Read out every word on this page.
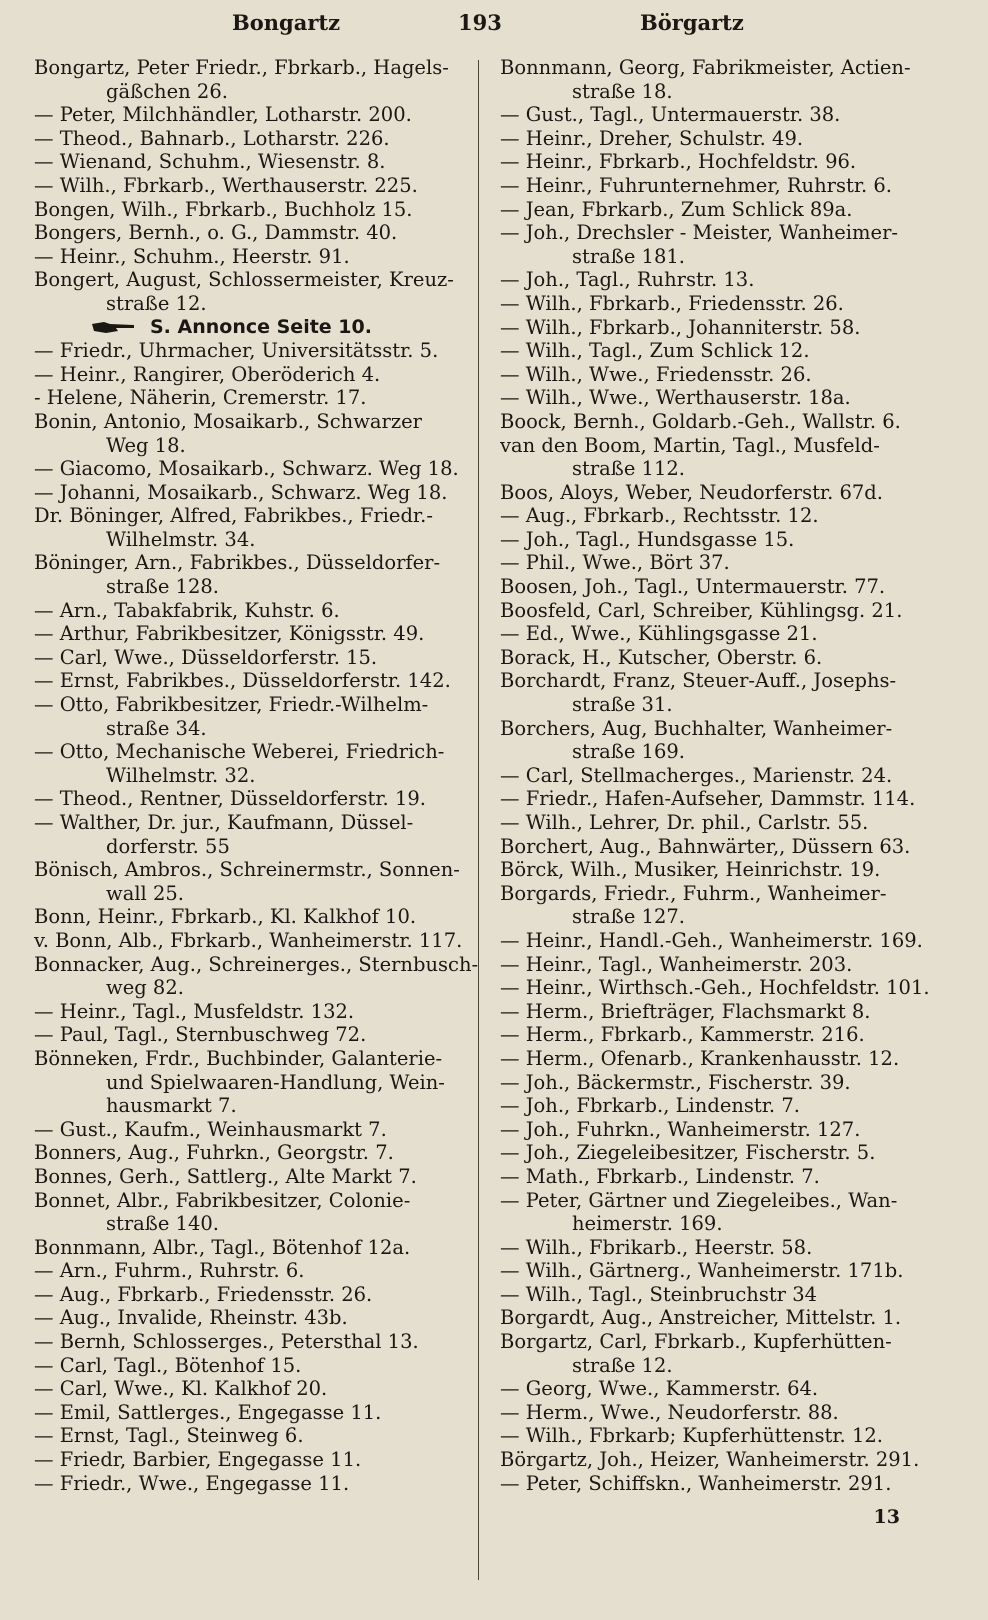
Bongartz	193	Börgartz
Bongartz, Peter Friedr., Fbrkarb., Hagels-
gäßchen 26.
— Peter, Milchhändler, Lotharstr. 200.
— Theod., Bahnarb., Lotharstr. 226.
— Wienand, Schuhm., Wiesenstr. 8.
— Wilh., Fbrkarb., Werthauserstr. 225.
Bongen, Wilh., Fbrkarb., Buchholz 15.
Bongers, Bernh., o. G., Dammstr. 40.
— Heinr., Schuhm., Heerstr. 91.
Bongert, August, Schlossermeister, Kreuz-
straße 12.
S. Annonce Seite 10.
— Friedr., Uhrmacher, Universitätsstr. 5.
— Heinr., Rangirer, Oberöderich 4.
- Helene, Näherin, Cremerstr. 17.
Bonin, Antonio, Mosaikarb., Schwarzer
Weg 18.
— Giacomo, Mosaikarb., Schwarz. Weg 18.
— Johanni, Mosaikarb., Schwarz. Weg 18.
Dr. Böninger, Alfred, Fabrikbes., Friedr.-
Wilhelmstr. 34.
Böninger, Arn., Fabrikbes., Düsseldorfer-
straße 128.
— Arn., Tabakfabrik, Kuhstr. 6.
— Arthur, Fabrikbesitzer, Königsstr. 49.
— Carl, Wwe., Düsseldorferstr. 15.
— Ernst, Fabrikbes., Düsseldorferstr. 142.
— Otto, Fabrikbesitzer, Friedr.-Wilhelm-
straße 34.
— Otto, Mechanische Weberei, Friedrich-
Wilhelmstr. 32.
— Theod., Rentner, Düsseldorferstr. 19.
— Walther, Dr. jur., Kaufmann, Düssel-
dorferstr. 55
Bönisch, Ambros., Schreinermstr., Sonnen-
wall 25.
Bonn, Heinr., Fbrkarb., Kl. Kalkhof 10.
v. Bonn, Alb., Fbrkarb., Wanheimerstr. 117.
Bonnacker, Aug., Schreinerges., Sternbusch-
weg 82.
— Heinr., Tagl., Musfeldstr. 132.
— Paul, Tagl., Sternbuschweg 72.
Bönneken, Frdr., Buchbinder, Galanterie-
und Spielwaaren-Handlung, Wein-
hausmarkt 7.
— Gust., Kaufm., Weinhausmarkt 7.
Bonners, Aug., Fuhrkn., Georgstr. 7.
Bonnes, Gerh., Sattlerg., Alte Markt 7.
Bonnet, Albr., Fabrikbesitzer, Colonie-
straße 140.
Bonnmann, Albr., Tagl., Bötenhof 12a.
— Arn., Fuhrm., Ruhrstr. 6.
— Aug., Fbrkarb., Friedensstr. 26.
— Aug., Invalide, Rheinstr. 43b.
— Bernh, Schlosserges., Petersthal 13.
— Carl, Tagl., Bötenhof 15.
— Carl, Wwe., Kl. Kalkhof 20.
— Emil, Sattlerges., Engegasse 11.
— Ernst, Tagl., Steinweg 6.
— Friedr, Barbier, Engegasse 11.
— Friedr., Wwe., Engegasse 11.
Bonnmann, Georg, Fabrikmeister, Actien-
straße 18.
— Gust., Tagl., Untermauerstr. 38.
— Heinr., Dreher, Schulstr. 49.
— Heinr., Fbrkarb., Hochfeldstr. 96.
— Heinr., Fuhrunternehmer, Ruhrstr. 6.
— Jean, Fbrkarb., Zum Schlick 89a.
— Joh., Drechsler - Meister, Wanheimer-
straße 181.
— Joh., Tagl., Ruhrstr. 13.
— Wilh., Fbrkarb., Friedensstr. 26.
— Wilh., Fbrkarb., Johanniterstr. 58.
— Wilh., Tagl., Zum Schlick 12.
— Wilh., Wwe., Friedensstr. 26.
— Wilh., Wwe., Werthauserstr. 18a.
Boock, Bernh., Goldarb.-Geh., Wallstr. 6.
van den Boom, Martin, Tagl., Musfeld-
straße 112.
Boos, Aloys, Weber, Neudorferstr. 67d.
— Aug., Fbrkarb., Rechtsstr. 12.
— Joh., Tagl., Hundsgasse 15.
— Phil., Wwe., Bört 37.
Boosen, Joh., Tagl., Untermauerstr. 77.
Boosfeld, Carl, Schreiber, Kühlingsg. 21.
— Ed., Wwe., Kühlingsgasse 21.
Borack, H., Kutscher, Oberstr. 6.
Borchardt, Franz, Steuer-Auff., Josephs-
straße 31.
Borchers, Aug, Buchhalter, Wanheimer-
straße 169.
— Carl, Stellmacherges., Marienstr. 24.
— Friedr., Hafen-Aufseher, Dammstr. 114.
— Wilh., Lehrer, Dr. phil., Carlstr. 55.
Borchert, Aug., Bahnwärter,, Düssern 63.
Börck, Wilh., Musiker, Heinrichstr. 19.
Borgards, Friedr., Fuhrm., Wanheimer-
straße 127.
— Heinr., Handl.-Geh., Wanheimerstr. 169.
— Heinr., Tagl., Wanheimerstr. 203.
— Heinr., Wirthsch.-Geh., Hochfeldstr. 101.
— Herm., Briefträger, Flachsmarkt 8.
— Herm., Fbrkarb., Kammerstr. 216.
— Herm., Ofenarb., Krankenhausstr. 12.
— Joh., Bäckermstr., Fischerstr. 39.
— Joh., Fbrkarb., Lindenstr. 7.
— Joh., Fuhrkn., Wanheimerstr. 127.
— Joh., Ziegeleibesitzer, Fischerstr. 5.
— Math., Fbrkarb., Lindenstr. 7.
— Peter, Gärtner und Ziegeleibes., Wan-
heimerstr. 169.
— Wilh., Fbrikarb., Heerstr. 58.
— Wilh., Gärtnerg., Wanheimerstr. 171b.
— Wilh., Tagl., Steinbruchstr 34
Borgardt, Aug., Anstreicher, Mittelstr. 1.
Borgartz, Carl, Fbrkarb., Kupferhütten-
straße 12.
— Georg, Wwe., Kammerstr. 64.
— Herm., Wwe., Neudorferstr. 88.
— Wilh., Fbrkarb; Kupferhüttenstr. 12.
Börgartz, Joh., Heizer, Wanheimerstr. 291.
— Peter, Schiffskn., Wanheimerstr. 291.
13
